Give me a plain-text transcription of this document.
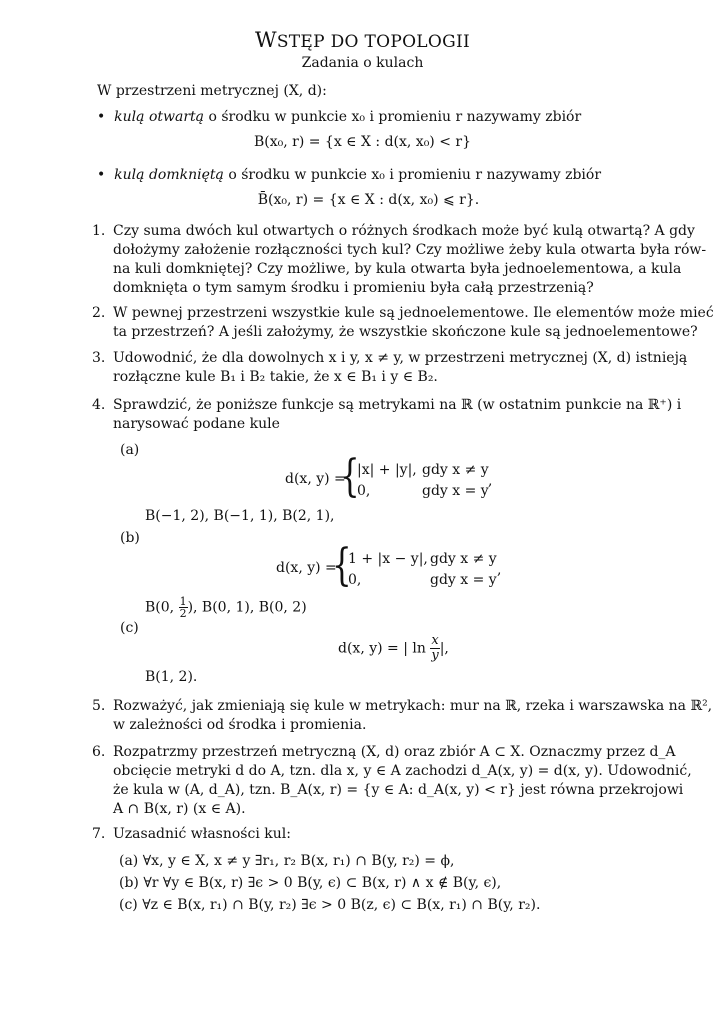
WSTĘP DO TOPOLOGII
Zadania o kulach
W przestrzeni metrycznej (X, d):
•  kulą otwartą o środku w punkcie x₀ i promieniu r nazywamy zbiór
B(x₀, r) = {x ∈ X : d(x, x₀) < r}
•  kulą domkniętą o środku w punkcie x₀ i promieniu r nazywamy zbiór
B̄(x₀, r) = {x ∈ X : d(x, x₀) ⩽ r}.
1. Czy suma dwóch kul otwartych o różnych środkach może być kulą otwartą? A gdy
dołożymy założenie rozłączności tych kul? Czy możliwe żeby kula otwarta była rów-
na kuli domkniętej? Czy możliwe, by kula otwarta była jednoelementowa, a kula
domknięta o tym samym środku i promieniu była całą przestrzenią?
2. W pewnej przestrzeni wszystkie kule są jednoelementowe. Ile elementów może mieć
ta przestrzeń? A jeśli założymy, że wszystkie skończone kule są jednoelementowe?
3. Udowodnić, że dla dowolnych x i y, x ≠ y, w przestrzeni metrycznej (X, d) istnieją
rozłączne kule B₁ i B₂ takie, że x ∈ B₁ i y ∈ B₂.
4. Sprawdzić, że poniższe funkcje są metrykami na ℝ (w ostatnim punkcie na ℝ⁺) i
narysować podane kule
(a)
d(x, y) =
{
|x| + |y|, gdy x ≠ y
0,	gdy x = y
,
B(−1, 2), B(−1, 1), B(2, 1),
(b)
d(x, y) =
{
1 + |x − y|, gdy x ≠ y
0,	gdy x = y
,
B(0, $\frac{1}{2}$ ), B(0, 1), B(0, 2)
(c)
d(x, y) = | $\ln \frac{x}{y}$ |,
B(1, 2).
5. Rozważyć, jak zmieniają się kule w metrykach: mur na ℝ, rzeka i warszawska na ℝ²,
w zależności od środka i promienia.
6. Rozpatrzmy przestrzeń metryczną (X, d) oraz zbiór A ⊂ X. Oznaczmy przez d_A
obcięcie metryki d do A, tzn. dla x, y ∈ A zachodzi d_A(x, y) = d(x, y). Udowodnić,
że kula w (A, d_A), tzn. B_A(x, r) = {y ∈ A: d_A(x, y) < r} jest równa przekrojowi
A ∩ B(x, r) (x ∈ A).
7. Uzasadnić własności kul:
(a) ∀x, y ∈ X, x ≠ y ∃r₁, r₂ B(x, r₁) ∩ B(y, r₂) = ϕ,
(b) ∀r ∀y ∈ B(x, r) ∃ϵ > 0 B(y, ϵ) ⊂ B(x, r) ∧ x ∉ B(y, ϵ),
(c) ∀z ∈ B(x, r₁) ∩ B(y, r₂) ∃ϵ > 0 B(z, ϵ) ⊂ B(x, r₁) ∩ B(y, r₂).
